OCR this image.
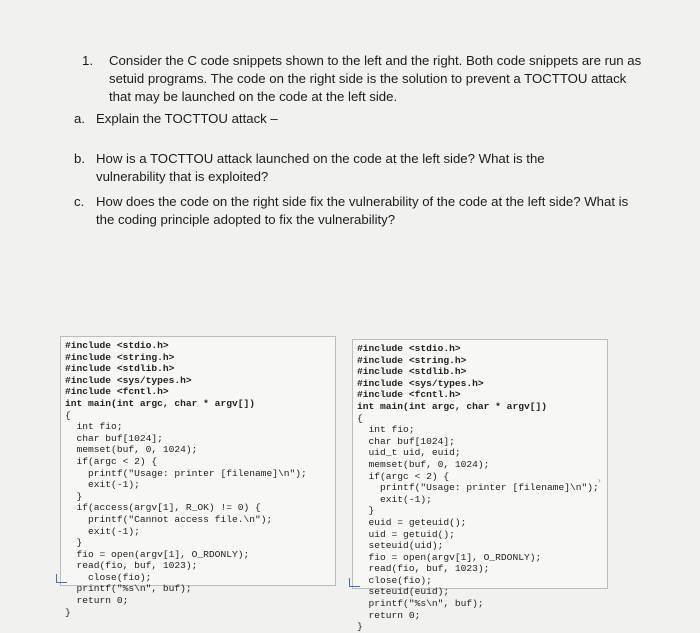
1.	Consider the C code snippets shown to the left and the right. Both code snippets are run as setuid programs. The code on the right side is the solution to prevent a TOCTTOU attack that may be launched on the code at the left side.
a. Explain the TOCTTOU attack –
b. How is a TOCTTOU attack launched on the code at the left side? What is the vulnerability that is exploited?
c. How does the code on the right side fix the vulnerability of the code at the left side? What is the coding principle adopted to fix the vulnerability?
#include <stdio.h>
#include <string.h>
#include <stdlib.h>
#include <sys/types.h>
#include <fcntl.h>
int main(int argc, char * argv[])
{
int fio;
char buf[1024];
memset(buf, 0, 1024);
if(argc < 2) {
printf("Usage: printer [filename]\n");
exit(-1);
}
if(access(argv[1], R_OK) != 0) {
printf("Cannot access file.\n");
exit(-1);
}
fio = open(argv[1], O_RDONLY);
read(fio, buf, 1023);
close(fio);
printf("%s\n", buf);
return 0;
}
#include <stdio.h>
#include <string.h>
#include <stdlib.h>
#include <sys/types.h>
#include <fcntl.h>
int main(int argc, char * argv[])
{
int fio;
char buf[1024];
uid_t uid, euid;
memset(buf, 0, 1024);
if(argc < 2) {
printf("Usage: printer [filename]\n");
exit(-1);
}
euid = geteuid();
uid = getuid();
seteuid(uid);
fio = open(argv[1], O_RDONLY);
read(fio, buf, 1023);
close(fio);
seteuid(euid);
printf("%s\n", buf);
return 0;
}
›
